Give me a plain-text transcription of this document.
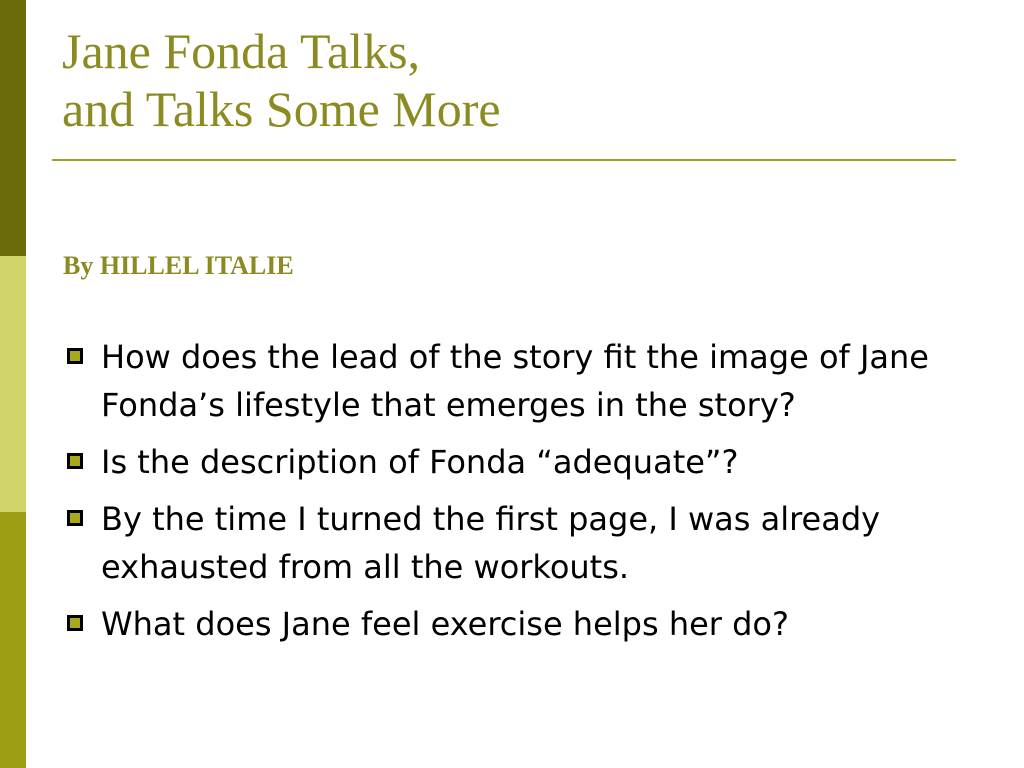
Jane Fonda Talks,
and Talks Some More

By HILLEL ITALIE

How does the lead of the story fit the image of Jane Fonda’s lifestyle that emerges in the story?
Is the description of Fonda “adequate”?
By the time I turned the first page, I was already exhausted from all the workouts.
What does Jane feel exercise helps her do?
